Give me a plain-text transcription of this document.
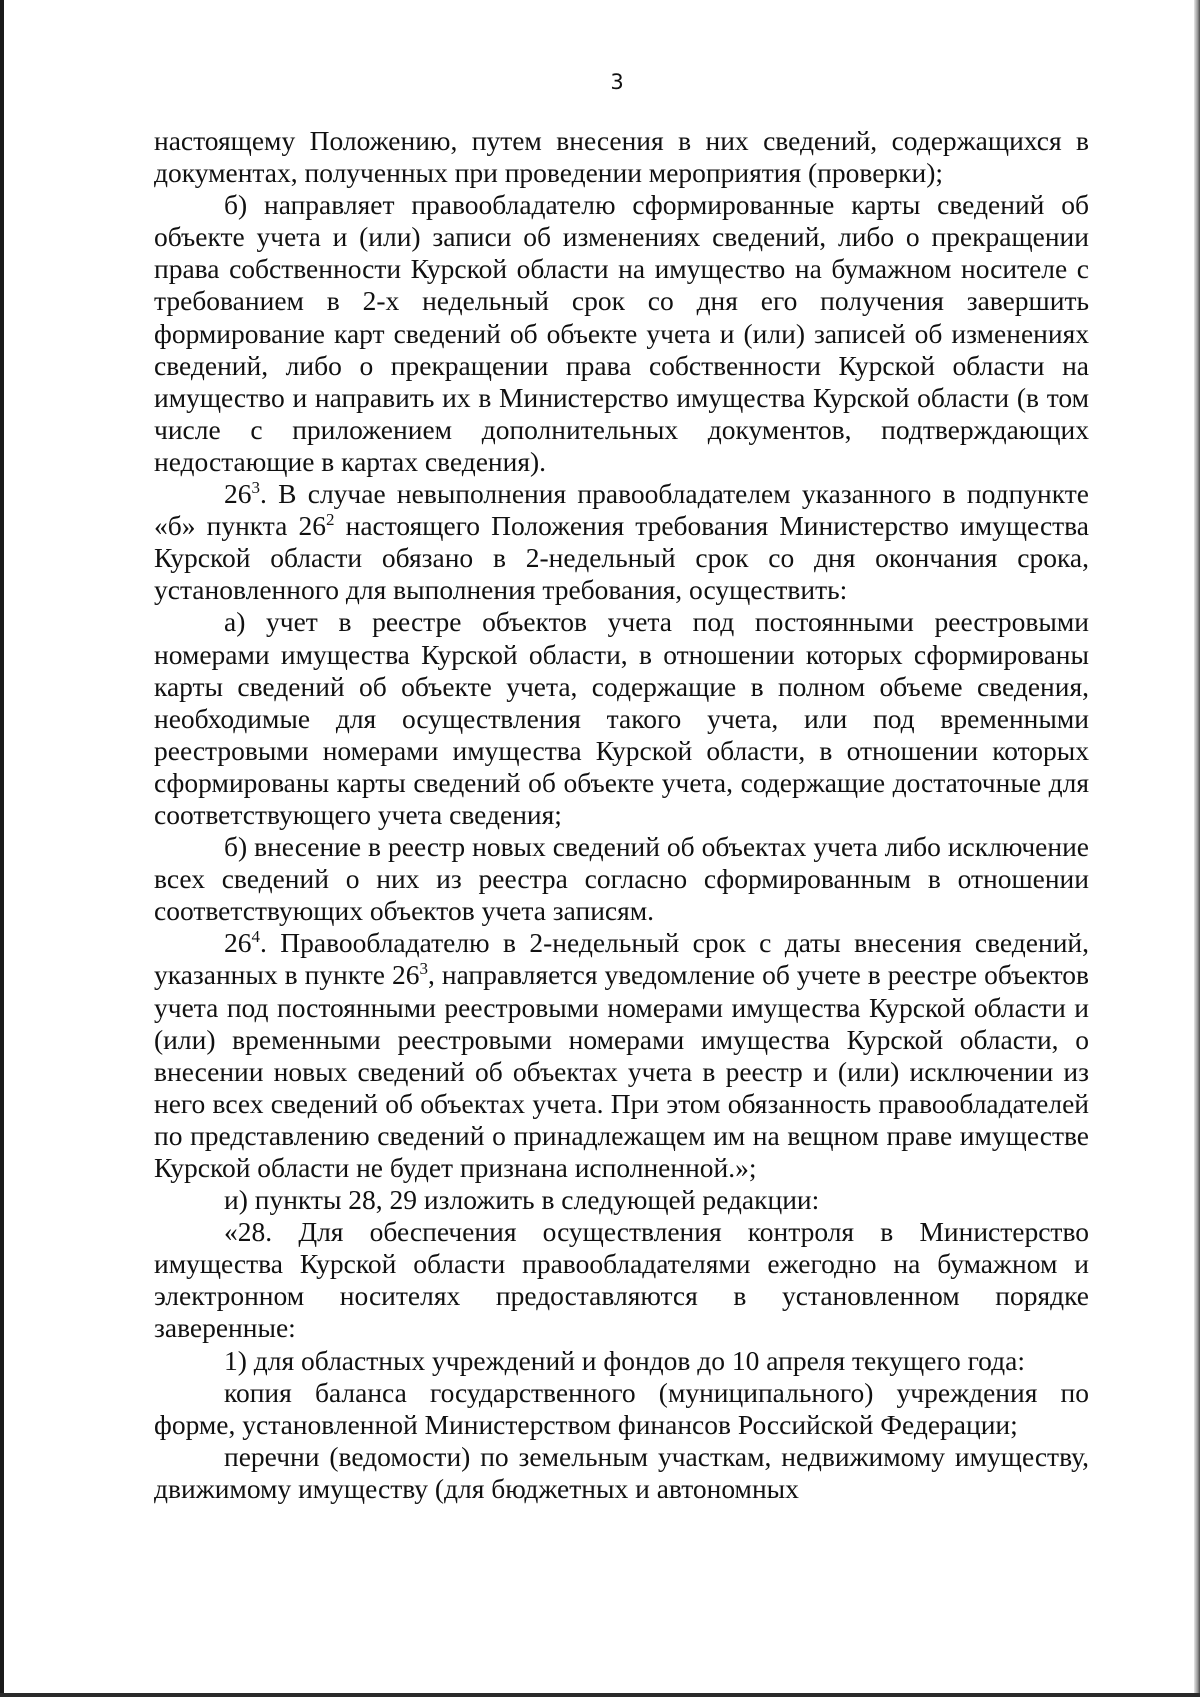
3

настоящему Положению, путем внесения в них сведений, содержащихся в документах, полученных при проведении мероприятия (проверки);

б) направляет правообладателю сформированные карты сведений об объекте учета и (или) записи об изменениях сведений, либо о прекращении права собственности Курской области на имущество на бумажном носителе с требованием в 2-х недельный срок со дня его получения завершить формирование карт сведений об объекте учета и (или) записей об изменениях сведений, либо о прекращении права собственности Курской области на имущество и направить их в Министерство имущества Курской области (в том числе с приложением дополнительных документов, подтверждающих недостающие в картах сведения).

$26^3$. В случае невыполнения правообладателем указанного в подпункте «б» пункта $26^2$ настоящего Положения требования Министерство имущества Курской области обязано в 2-недельный срок со дня окончания срока, установленного для выполнения требования, осуществить:

а) учет в реестре объектов учета под постоянными реестровыми номерами имущества Курской области, в отношении которых сформированы карты сведений об объекте учета, содержащие в полном объеме сведения, необходимые для осуществления такого учета, или под временными реестровыми номерами имущества Курской области, в отношении которых сформированы карты сведений об объекте учета, содержащие достаточные для соответствующего учета сведения;

б) внесение в реестр новых сведений об объектах учета либо исключение всех сведений о них из реестра согласно сформированным в отношении соответствующих объектов учета записям.

$26^4$. Правообладателю в 2-недельный срок с даты внесения сведений, указанных в пункте $26^3$, направляется уведомление об учете в реестре объектов учета под постоянными реестровыми номерами имущества Курской области и (или) временными реестровыми номерами имущества Курской области, о внесении новых сведений об объектах учета в реестр и (или) исключении из него всех сведений об объектах учета. При этом обязанность правообладателей по представлению сведений о принадлежащем им на вещном праве имуществе Курской области не будет признана исполненной.»;

и) пункты 28, 29 изложить в следующей редакции:

«28. Для обеспечения осуществления контроля в Министерство имущества Курской области правообладателями ежегодно на бумажном и электронном носителях предоставляются в установленном порядке заверенные:

1) для областных учреждений и фондов до 10 апреля текущего года:

копия баланса государственного (муниципального) учреждения по форме, установленной Министерством финансов Российской Федерации;

перечни (ведомости) по земельным участкам, недвижимому имуществу, движимому имуществу (для бюджетных и автономных
